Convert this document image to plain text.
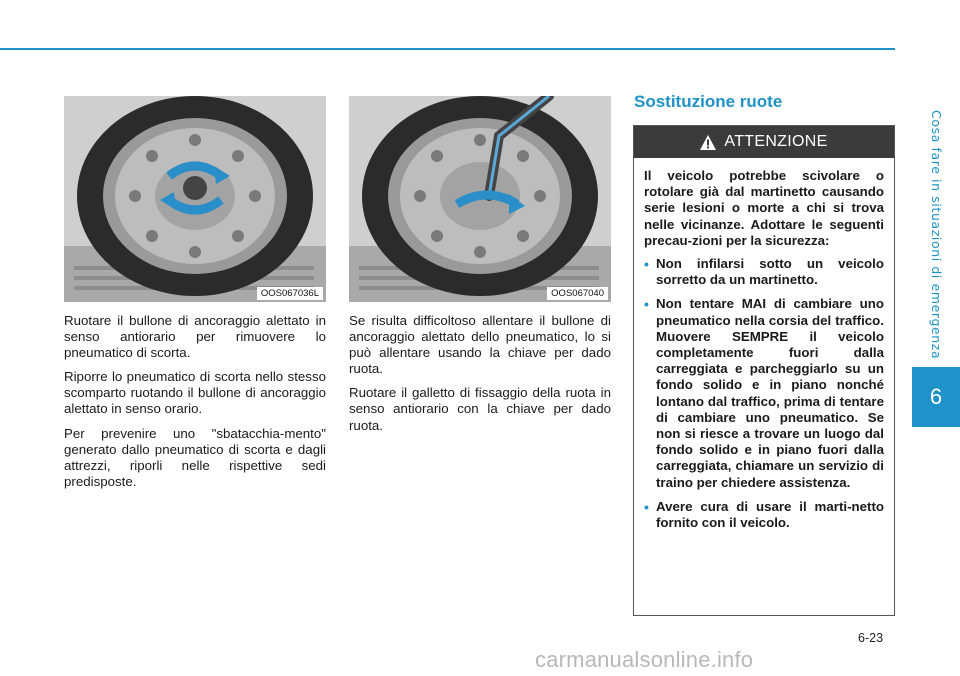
Cosa fare in situazioni di emergenza
6
OOS067036L	OOS067040

Ruotare il bullone di ancoraggio alettato in senso antiorario per rimuovere lo pneumatico di scorta.

Riporre lo pneumatico di scorta nello stesso scomparto ruotando il bullone di ancoraggio alettato in senso orario.

Per prevenire uno "sbatacchia-mento" generato dallo pneumatico di scorta e dagli attrezzi, riporli nelle rispettive sedi predisposte.

Se risulta difficoltoso allentare il bullone di ancoraggio alettato dello pneumatico, lo si può allentare usando la chiave per dado ruota.

Ruotare il galletto di fissaggio della ruota in senso antiorario con la chiave per dado ruota.

Sostituzione ruote
ATTENZIONE

Il veicolo potrebbe scivolare o rotolare già dal martinetto causando serie lesioni o morte a chi si trova nelle vicinanze. Adottare le seguenti precau-zioni per la sicurezza:

• Non infilarsi sotto un veicolo sorretto da un martinetto.
• Non tentare MAI di cambiare uno pneumatico nella corsia del traffico. Muovere SEMPRE il veicolo completamente fuori dalla carreggiata e parcheggiarlo su un fondo solido e in piano nonché lontano dal traffico, prima di tentare di cambiare uno pneumatico. Se non si riesce a trovare un luogo dal fondo solido e in piano fuori dalla carreggiata, chiamare un servizio di traino per chiedere assistenza.
• Avere cura di usare il marti-netto fornito con il veicolo.
6-23
carmanualsonline.info
